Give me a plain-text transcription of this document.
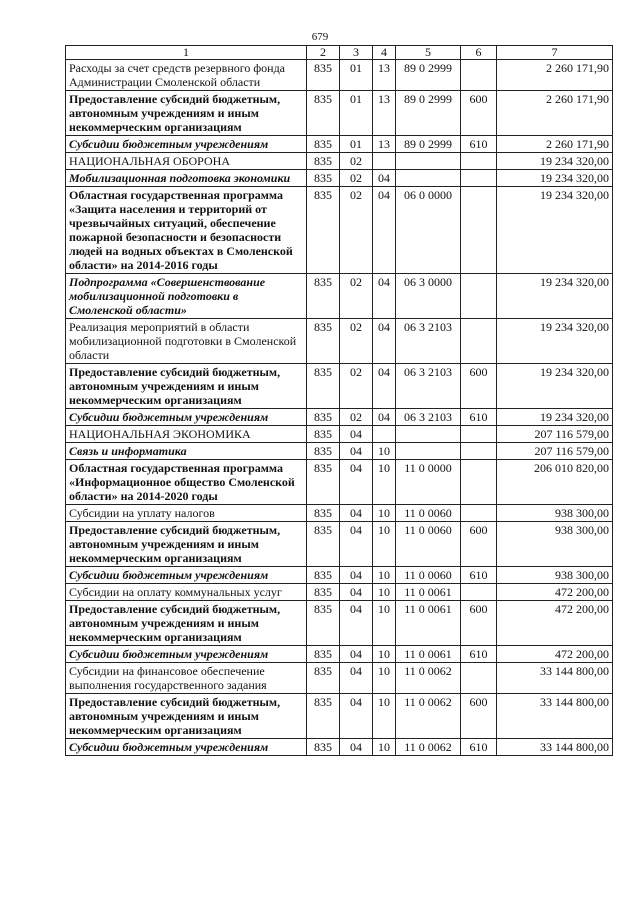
679
1	2	3	4	5	6	7
Расходы за счет средств резервного фонда Администрации Смоленской области	835	01	13	89 0 2999		2 260 171,90
Предоставление субсидий бюджетным, автономным учреждениям и иным некоммерческим организациям	835	01	13	89 0 2999	600	2 260 171,90
Субсидии бюджетным учреждениям	835	01	13	89 0 2999	610	2 260 171,90
НАЦИОНАЛЬНАЯ ОБОРОНА	835	02				19 234 320,00
Мобилизационная подготовка экономики	835	02	04			19 234 320,00
Областная государственная программа «Защита населения и территорий от чрезвычайных ситуаций, обеспечение пожарной безопасности и безопасности людей на водных объектах в Смоленской области» на 2014-2016 годы	835	02	04	06 0 0000		19 234 320,00
Подпрограмма «Совершенствование мобилизационной подготовки в Смоленской области»	835	02	04	06 3 0000		19 234 320,00
Реализация мероприятий в области мобилизационной подготовки в Смоленской области	835	02	04	06 3 2103		19 234 320,00
Предоставление субсидий бюджетным, автономным учреждениям и иным некоммерческим организациям	835	02	04	06 3 2103	600	19 234 320,00
Субсидии бюджетным учреждениям	835	02	04	06 3 2103	610	19 234 320,00
НАЦИОНАЛЬНАЯ ЭКОНОМИКА	835	04				207 116 579,00
Связь и информатика	835	04	10			207 116 579,00
Областная государственная программа «Информационное общество Смоленской области» на 2014-2020 годы	835	04	10	11 0 0000		206 010 820,00
Субсидии на уплату налогов	835	04	10	11 0 0060		938 300,00
Предоставление субсидий бюджетным, автономным учреждениям и иным некоммерческим организациям	835	04	10	11 0 0060	600	938 300,00
Субсидии бюджетным учреждениям	835	04	10	11 0 0060	610	938 300,00
Субсидии на оплату коммунальных услуг	835	04	10	11 0 0061		472 200,00
Предоставление субсидий бюджетным, автономным учреждениям и иным некоммерческим организациям	835	04	10	11 0 0061	600	472 200,00
Субсидии бюджетным учреждениям	835	04	10	11 0 0061	610	472 200,00
Субсидии на финансовое обеспечение выполнения государственного задания	835	04	10	11 0 0062		33 144 800,00
Предоставление субсидий бюджетным, автономным учреждениям и иным некоммерческим организациям	835	04	10	11 0 0062	600	33 144 800,00
Субсидии бюджетным учреждениям	835	04	10	11 0 0062	610	33 144 800,00
